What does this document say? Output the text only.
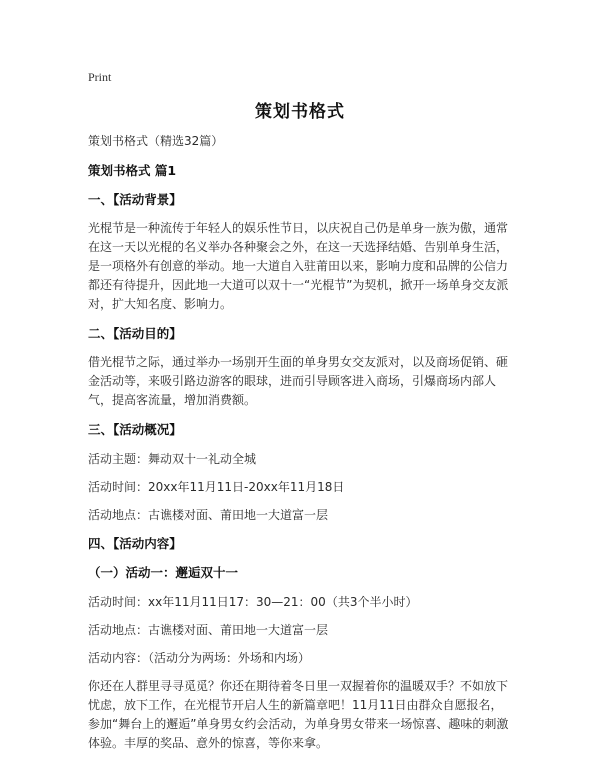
Print
策划书格式

策划书格式（精选32篇）

策划书格式 篇1

一、【活动背景】

光棍节是一种流传于年轻人的娱乐性节日，以庆祝自己仍是单身一族为傲，通常在这一天以光棍的名义举办各种聚会之外，在这一天选择结婚、告别单身生活，是一项格外有创意的举动。地一大道自入驻莆田以来，影响力度和品牌的公信力都还有待提升，因此地一大道可以双十一“光棍节”为契机，掀开一场单身交友派对，扩大知名度、影响力。

二、【活动目的】

借光棍节之际，通过举办一场别开生面的单身男女交友派对，以及商场促销、砸金活动等，来吸引路边游客的眼球，进而引导顾客进入商场，引爆商场内部人气，提高客流量，增加消费额。

三、【活动概况】

活动主题：舞动双十一礼动全城

活动时间：20xx年11月11日-20xx年11月18日

活动地点：古谯楼对面、莆田地一大道富一层

四、【活动内容】

（一）活动一：邂逅双十一

活动时间：xx年11月11日17：30—21：00（共3个半小时）

活动地点：古谯楼对面、莆田地一大道富一层

活动内容：（活动分为两场：外场和内场）

你还在人群里寻寻觅觅？你还在期待着冬日里一双握着你的温暖双手？不如放下忧虑，放下工作，在光棍节开启人生的新篇章吧！11月11日由群众自愿报名，参加“舞台上的邂逅”单身男女约会活动，为单身男女带来一场惊喜、趣味的刺激体验。丰厚的奖品、意外的惊喜，等你来拿。
